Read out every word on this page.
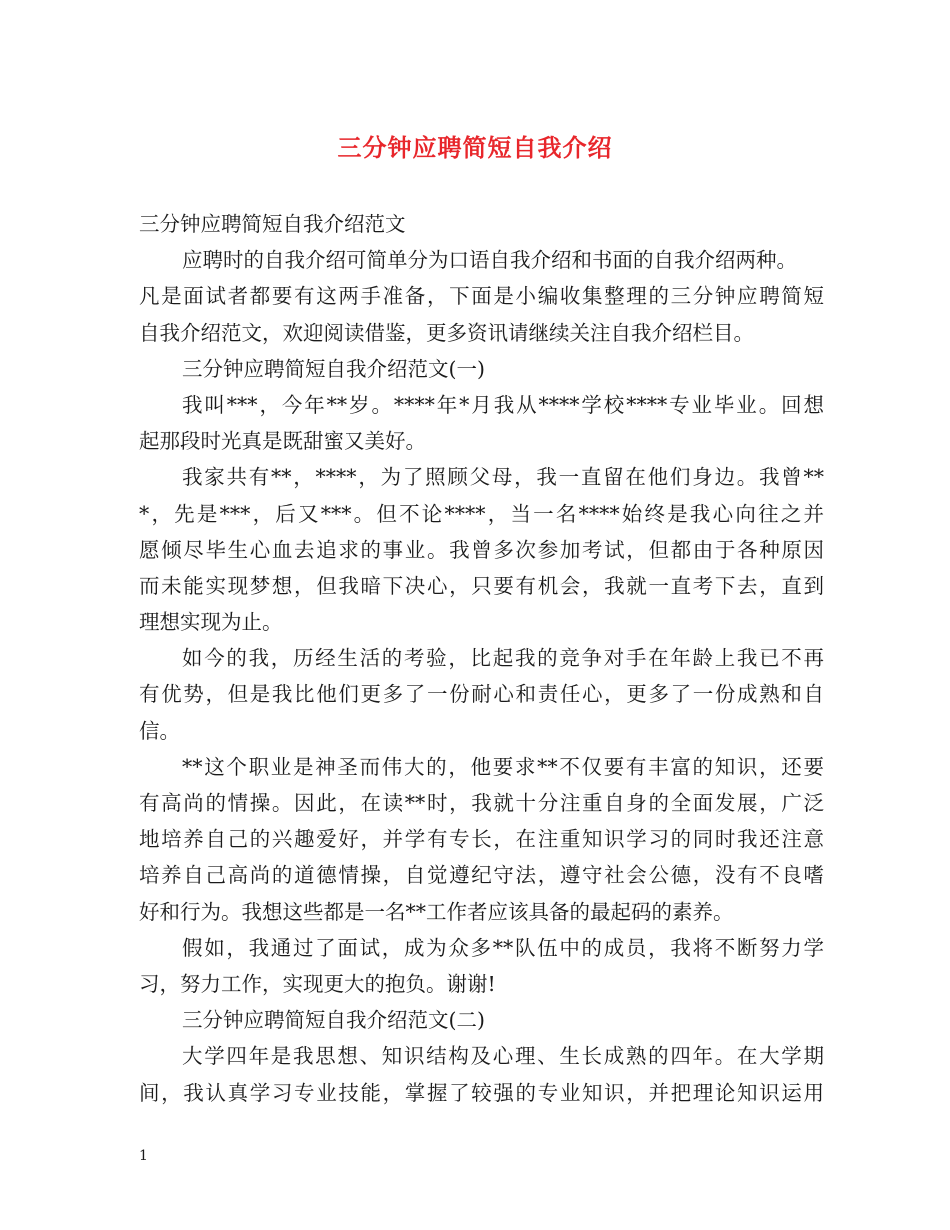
三分钟应聘简短自我介绍
三分钟应聘简短自我介绍范文
应聘时的自我介绍可简单分为口语自我介绍和书面的自我介绍两种。
凡是面试者都要有这两手准备，下面是小编收集整理的三分钟应聘简短
自我介绍范文，欢迎阅读借鉴，更多资讯请继续关注自我介绍栏目。
三分钟应聘简短自我介绍范文(一)
我叫***，今年**岁。****年*月我从****学校****专业毕业。回想
起那段时光真是既甜蜜又美好。
我家共有**，****，为了照顾父母，我一直留在他们身边。我曾**
*，先是***，后又***。但不论****，当一名****始终是我心向往之并
愿倾尽毕生心血去追求的事业。我曾多次参加考试，但都由于各种原因
而未能实现梦想，但我暗下决心，只要有机会，我就一直考下去，直到
理想实现为止。
如今的我，历经生活的考验，比起我的竞争对手在年龄上我已不再
有优势，但是我比他们更多了一份耐心和责任心，更多了一份成熟和自
信。
**这个职业是神圣而伟大的，他要求**不仅要有丰富的知识，还要
有高尚的情操。因此，在读**时，我就十分注重自身的全面发展，广泛
地培养自己的兴趣爱好，并学有专长，在注重知识学习的同时我还注意
培养自己高尚的道德情操，自觉遵纪守法，遵守社会公德，没有不良嗜
好和行为。我想这些都是一名**工作者应该具备的最起码的素养。
假如，我通过了面试，成为众多**队伍中的成员，我将不断努力学
习，努力工作，实现更大的抱负。谢谢!
三分钟应聘简短自我介绍范文(二)
大学四年是我思想、知识结构及心理、生长成熟的四年。在大学期
间，我认真学习专业技能，掌握了较强的专业知识，并把理论知识运用
1
